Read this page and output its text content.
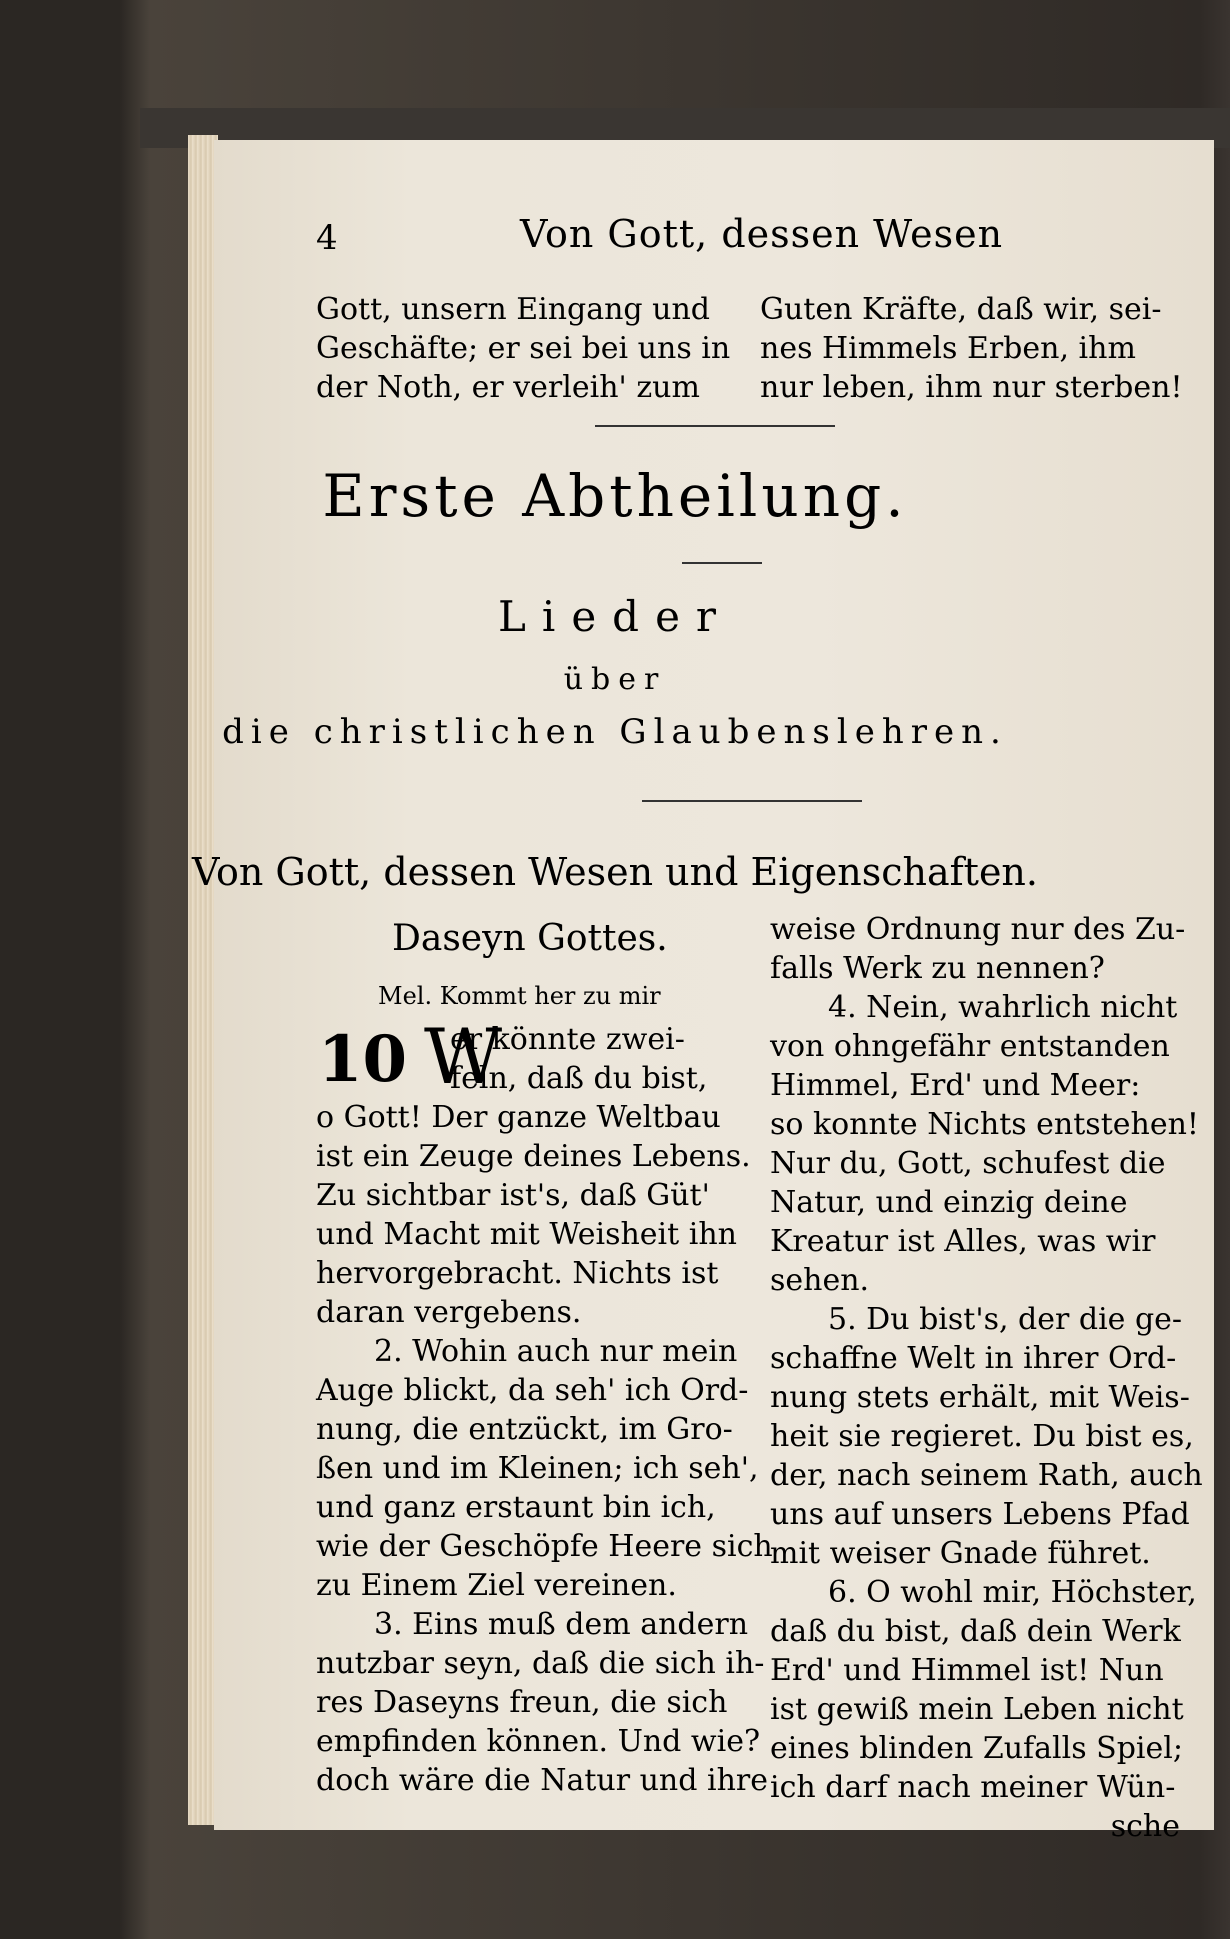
4	Von Gott, dessen Wesen

Gott, unsern Eingang und

Geschäfte; er sei bei uns in

der Noth, er verleih' zum

Guten Kräfte, daß wir, sei-

nes Himmels Erben, ihm

nur leben, ihm nur sterben!

Erste Abtheilung.
Lieder
über
die christlichen Glaubenslehren.
Von Gott, dessen Wesen und Eigenschaften.
Daseyn Gottes.
Mel. Kommt her zu mir
10 W

er könnte zwei-

feln, daß du bist,

o Gott! Der ganze Weltbau

ist ein Zeuge deines Lebens.

Zu sichtbar ist's, daß Güt'

und Macht mit Weisheit ihn

hervorgebracht. Nichts ist

daran vergebens.

2. Wohin auch nur mein

Auge blickt, da seh' ich Ord-

nung, die entzückt, im Gro-

ßen und im Kleinen; ich seh',

und ganz erstaunt bin ich,

wie der Geschöpfe Heere sich

zu Einem Ziel vereinen.

3. Eins muß dem andern

nutzbar seyn, daß die sich ih-

res Daseyns freun, die sich

empfinden können. Und wie?

doch wäre die Natur und ihre

weise Ordnung nur des Zu-

falls Werk zu nennen?

4. Nein, wahrlich nicht

von ohngefähr entstanden

Himmel, Erd' und Meer:

so konnte Nichts entstehen!

Nur du, Gott, schufest die

Natur, und einzig deine

Kreatur ist Alles, was wir

sehen.

5. Du bist's, der die ge-

schaffne Welt in ihrer Ord-

nung stets erhält, mit Weis-

heit sie regieret. Du bist es,

der, nach seinem Rath, auch

uns auf unsers Lebens Pfad

mit weiser Gnade führet.

6. O wohl mir, Höchster,

daß du bist, daß dein Werk

Erd' und Himmel ist! Nun

ist gewiß mein Leben nicht

eines blinden Zufalls Spiel;

ich darf nach meiner Wün-

sche
